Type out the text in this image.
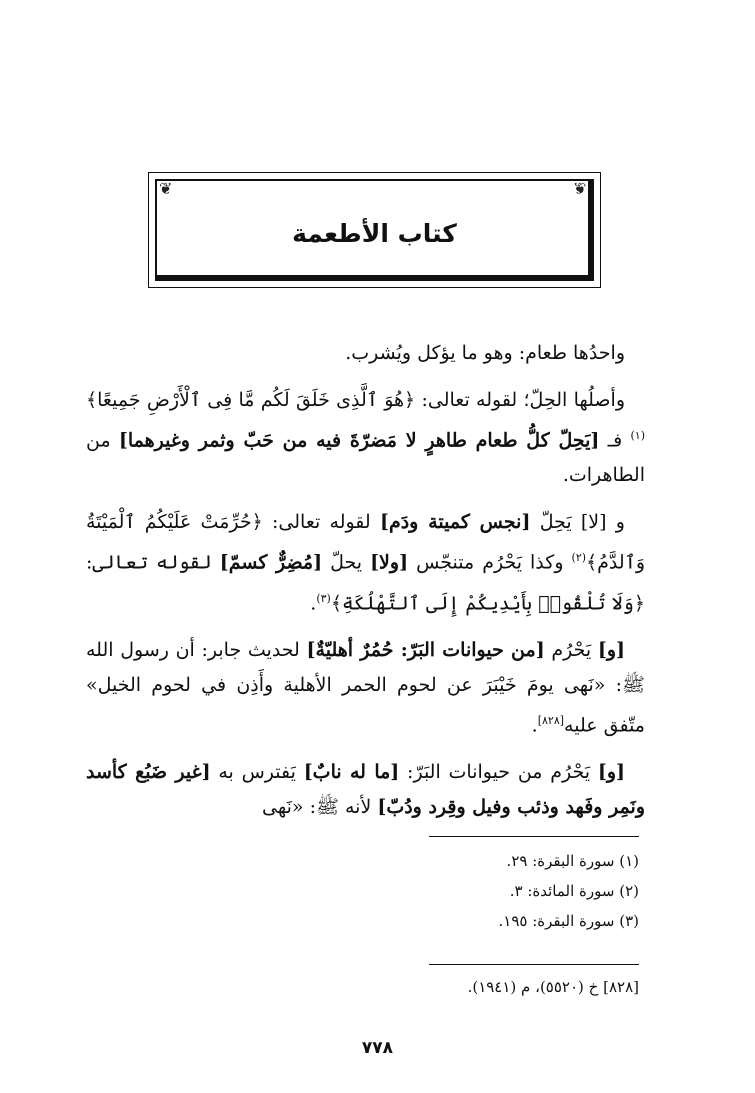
❦	❦
كتاب الأطعمة

واحدُها طعام: وهو ما يؤكل ويُشرب.

وأصلُها الحِلّ؛ لقوله تعالى: ﴿هُوَ ٱلَّذِى خَلَقَ لَكُم مَّا فِى ٱلْأَرْضِ جَمِيعًا﴾$^{(١)}$ فـ [يَحِلّ كلُّ طعام طاهرٍ لا مَضرّةَ فيه من حَبّ وثمر وغيرهما] من الطاهرات.

و [لا] يَحِلّ [نجس كميتة ودَم] لقوله تعالى: ﴿حُرِّمَتْ عَلَيْكُمُ ٱلْمَيْتَةُ وَٱلدَّمُ﴾$^{(٢)}$ وكذا يَحْرُم متنجّس [ولا] يحلّ [مُضِرٌّ كسمّ] لقوله تعالى: ﴿وَلَا تُلْقُوا۟ بِأَيْدِيكُمْ إِلَى ٱلتَّهْلُكَةِ﴾$^{(٣)}$.

[و] يَحْرُم [من حيوانات البَرّ: حُمُرٌ أهليّةٌ] لحديث جابر: أن رسول الله ﷺ: «نَهى يومَ خَيْبَرَ عن لحوم الحمر الأهلية وأَذِن في لحوم الخيل» متّفق عليه[٨٢٨].

[و] يَحْرُم من حيوانات البَرّ: [ما له نابٌ] يَفترس به [غير ضَبُع كأسد ونَمِر وفَهد وذئب وفيل وقِرد ودُبّ] لأنه ﷺ: «نَهى

(١) سورة البقرة: ٢٩.
(٢) سورة المائدة: ٣.
(٣) سورة البقرة: ١٩٥.
[٨٢٨] خ (٥٥٢٠)، م (١٩٤١).
٧٧٨
